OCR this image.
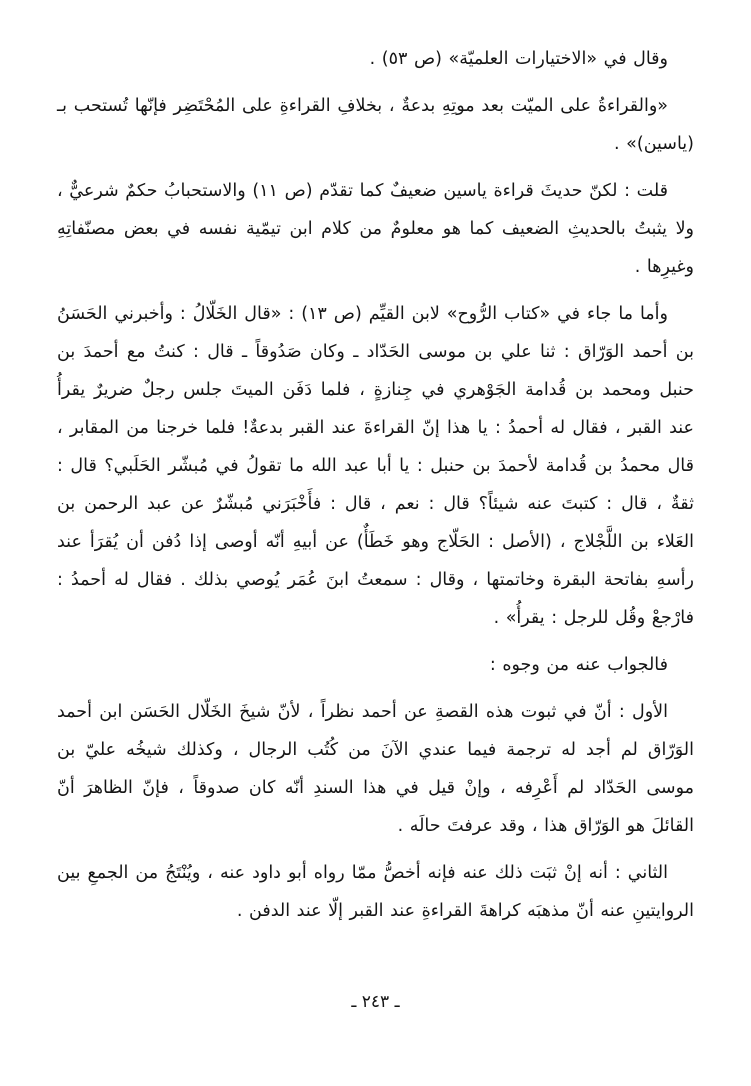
وقال في «الاختيارات العلميّة» (ص ٥٣) .

«والقراءةُ على الميّت بعد موتِهِ بدعةٌ ، بخلافِ القراءةِ على المُحْتَضِر فإنّها تُستحب بـ (ياسين)» .

قلت : لكنّ حديثَ قراءة ياسين ضعيفٌ كما تقدّم (ص ١١) والاستحبابُ حكمٌ شرعيٌّ ، ولا يثبتُ بالحديثِ الضعيف كما هو معلومٌ من كلام ابن تيمّية نفسه في بعض مصنّفاتِهِ وغيرِها .

وأما ما جاء في «كتاب الرُّوح» لابن القيِّم (ص ١٣) : «قال الخَلّالُ : وأخبرني الحَسَنُ بن أحمد الوَرّاق : ثنا علي بن موسى الحَدّاد ـ وكان صَدُوقاً ـ قال : كنتُ مع أحمدَ بن حنبل ومحمد بن قُدامة الجَوْهري في جِنازةٍ ، فلما دَفَن الميتَ جلس رجلٌ ضريرٌ يقرأُ عند القبر ، فقال له أحمدُ : يا هذا إنّ القراءةَ عند القبر بدعةٌ! فلما خرجنا من المقابر ، قال محمدُ بن قُدامة لأحمدَ بن حنبل : يا أبا عبد الله ما تقولُ في مُبشّر الحَلَبي؟ قال : ثقةٌ ، قال : كتبتَ عنه شيئاً؟ قال : نعم ، قال : فأَخْبَرَني مُبشّرٌ عن عبد الرحمن بن العَلاء بن اللَّجْلاج ، (الأصل : الحَلّاج وهو خَطَأٌ) عن أبيهِ أنّه أوصى إذا دُفن أن يُقرَأ عند رأسهِ بفاتحة البقرة وخاتمتها ، وقال : سمعتُ ابنَ عُمَر يُوصي بذلك . فقال له أحمدُ : فارْجعْ وقُل للرجل : يقرأُ» .

فالجواب عنه من وجوه :

الأول : أنّ في ثبوت هذه القصةِ عن أحمد نظراً ، لأنّ شيخَ الخَلّال الحَسَن ابن أحمد الوَرّاق لم أجد له ترجمة فيما عندي الآنَ من كُتُب الرجال ، وكذلك شيخُه عليّ بن موسى الحَدّاد لم أَعْرِفه ، وإنْ قيل في هذا السندِ أنّه كان صدوقاً ، فإنّ الظاهرَ أنّ القائلَ هو الوَرّاق هذا ، وقد عرفتَ حالَه .

الثاني : أنه إنْ ثبَت ذلك عنه فإنه أخصُّ ممّا رواه أبو داود عنه ، ويُنْتَجُ من الجمعِ بين الروايتينِ عنه أنّ مذهبَه كراهةَ القراءةِ عند القبر إلّا عند الدفن .

ـ ٢٤٣ ـ
